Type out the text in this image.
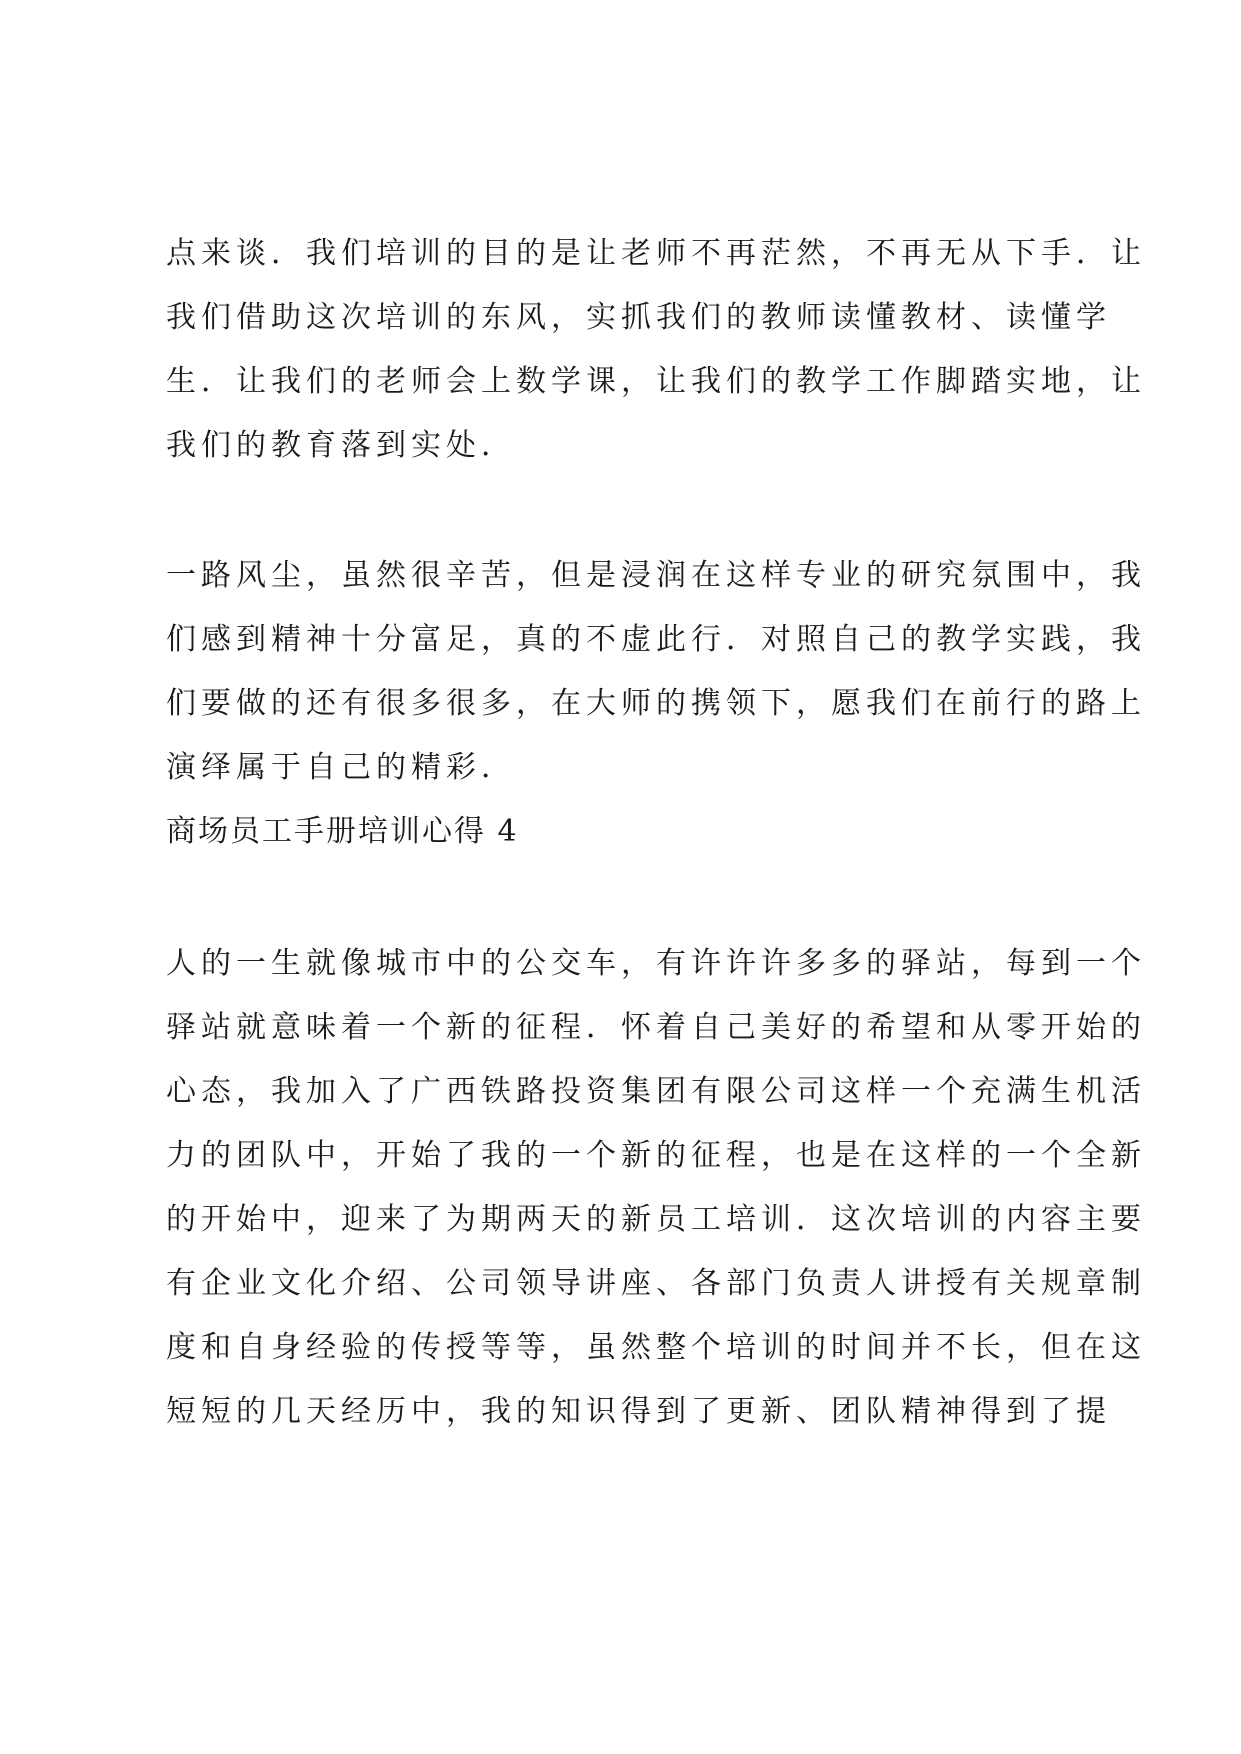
点来谈．我们培训的目的是让老师不再茫然，不再无从下手．让
我们借助这次培训的东风，实抓我们的教师读懂教材、读懂学
生．让我们的老师会上数学课，让我们的教学工作脚踏实地，让
我们的教育落到实处．
一路风尘，虽然很辛苦，但是浸润在这样专业的研究氛围中，我
们感到精神十分富足，真的不虚此行．对照自己的教学实践，我
们要做的还有很多很多，在大师的携领下，愿我们在前行的路上
演绎属于自己的精彩．
商场员工手册培训心得 4
人的一生就像城市中的公交车，有许许许多多的驿站，每到一个
驿站就意味着一个新的征程．怀着自己美好的希望和从零开始的
心态，我加入了广西铁路投资集团有限公司这样一个充满生机活
力的团队中，开始了我的一个新的征程，也是在这样的一个全新
的开始中，迎来了为期两天的新员工培训．这次培训的内容主要
有企业文化介绍、公司领导讲座、各部门负责人讲授有关规章制
度和自身经验的传授等等，虽然整个培训的时间并不长，但在这
短短的几天经历中，我的知识得到了更新、团队精神得到了提
